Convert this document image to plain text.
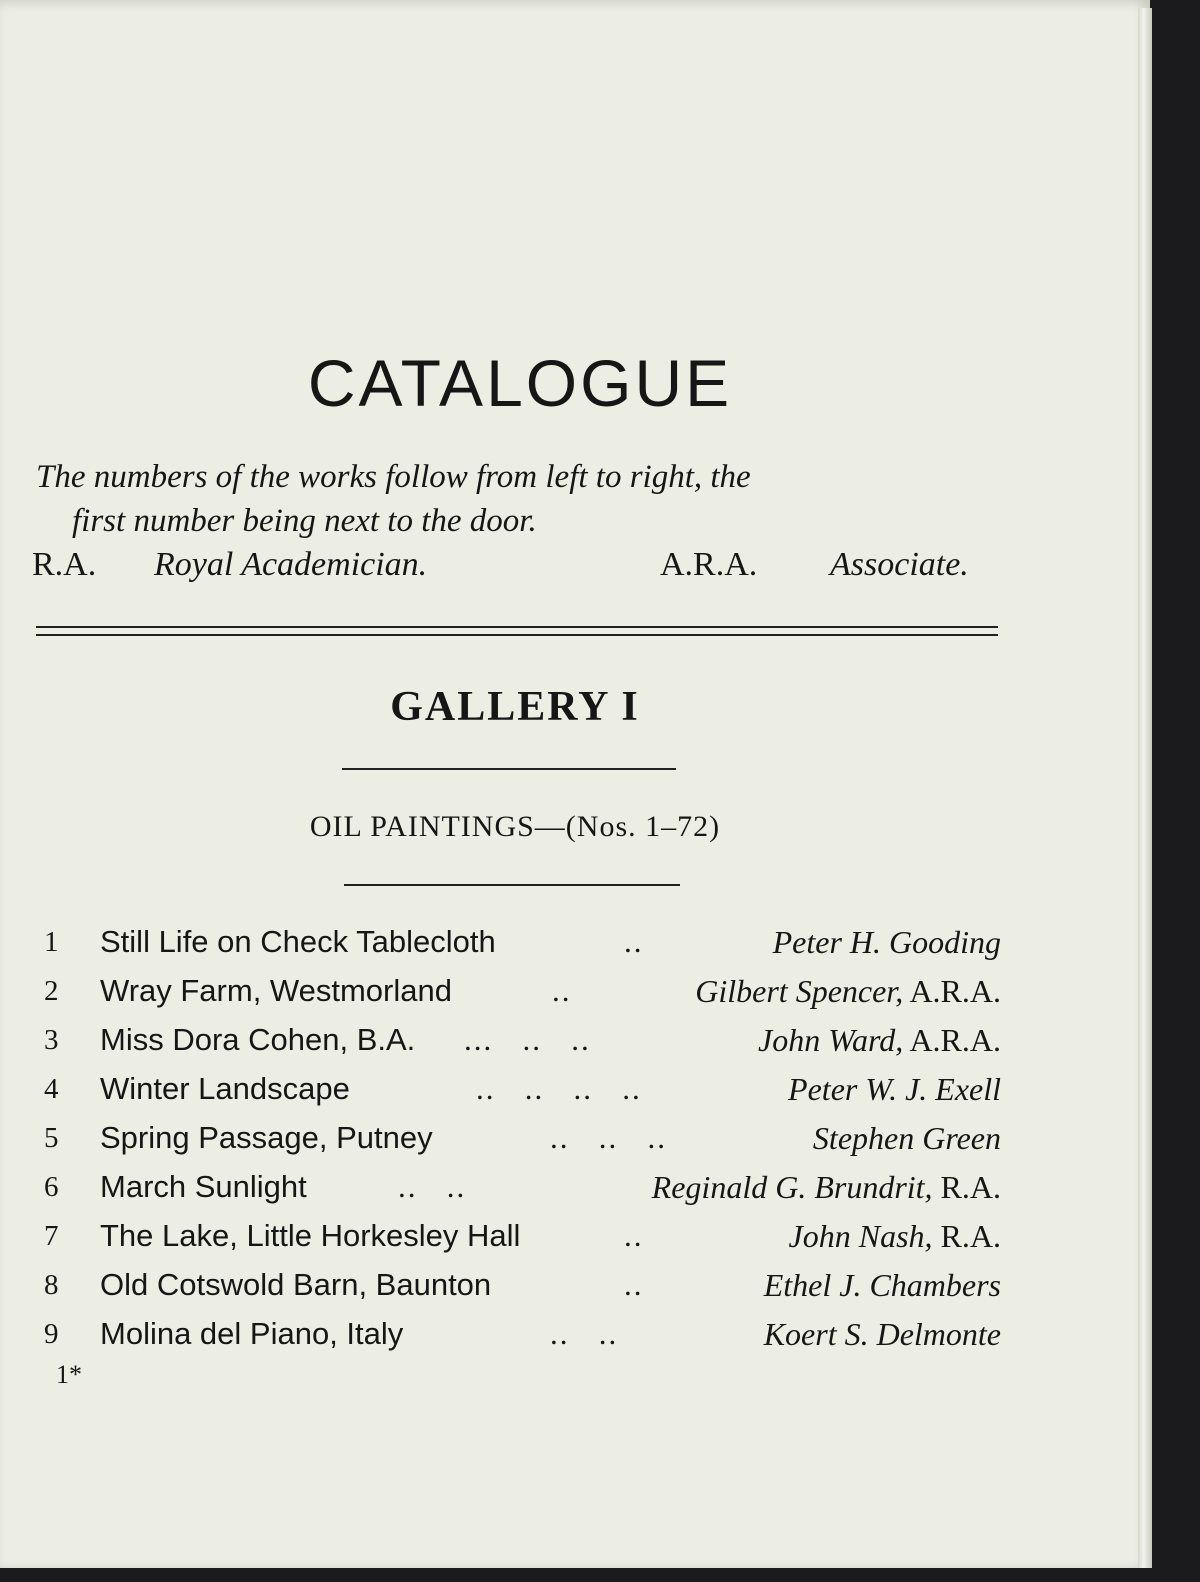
CATALOGUE
The numbers of the works follow from left to right, the
first number being next to the door.
R.A. Royal Academician.	A.R.A. Associate.
GALLERY I
OIL PAINTINGS—(Nos. 1–72)
1	Still Life on Check Tablecloth	..	Peter H. Gooding
2	Wray Farm, Westmorland	..	Gilbert Spencer, A.R.A.
3	Miss Dora Cohen, B.A. ...   ..   ..	John Ward, A.R.A.
4	Winter Landscape	..   ..   ..   ..	Peter W. J. Exell
5	Spring Passage, Putney	..   ..   ..	Stephen Green
6	March Sunlight	..   ..	Reginald G. Brundrit, R.A.
7	The Lake, Little Horkesley Hall	..	John Nash, R.A.
8	Old Cotswold Barn, Baunton	..	Ethel J. Chambers
9	Molina del Piano, Italy	..   ..	Koert S. Delmonte
1*
